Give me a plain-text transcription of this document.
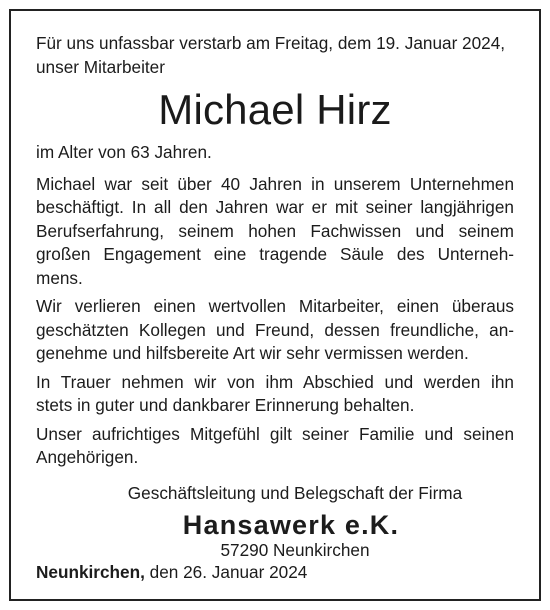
Für uns unfassbar verstarb am Freitag, dem 19. Januar 2024,

unser Mitarbeiter

Michael Hirz

im Alter von 63 Jahren.

Michael war seit über 40 Jahren in unserem Unternehmen
beschäftigt. In all den Jahren war er mit seiner langjährigen
Berufserfahrung, seinem hohen Fachwissen und seinem
großen Engagement eine tragende Säule des Unterneh-
mens.
Wir verlieren einen wertvollen Mitarbeiter, einen überaus
geschätzten Kollegen und Freund, dessen freundliche, an-
genehme und hilfsbereite Art wir sehr vermissen werden.
In Trauer nehmen wir von ihm Abschied und werden ihn
stets in guter und dankbarer Erinnerung behalten.
Unser aufrichtiges Mitgefühl gilt seiner Familie und seinen
Angehörigen.
Geschäftsleitung und Belegschaft der Firma
Hansawerk e.K.
57290 Neunkirchen
Neunkirchen, den 26. Januar 2024
